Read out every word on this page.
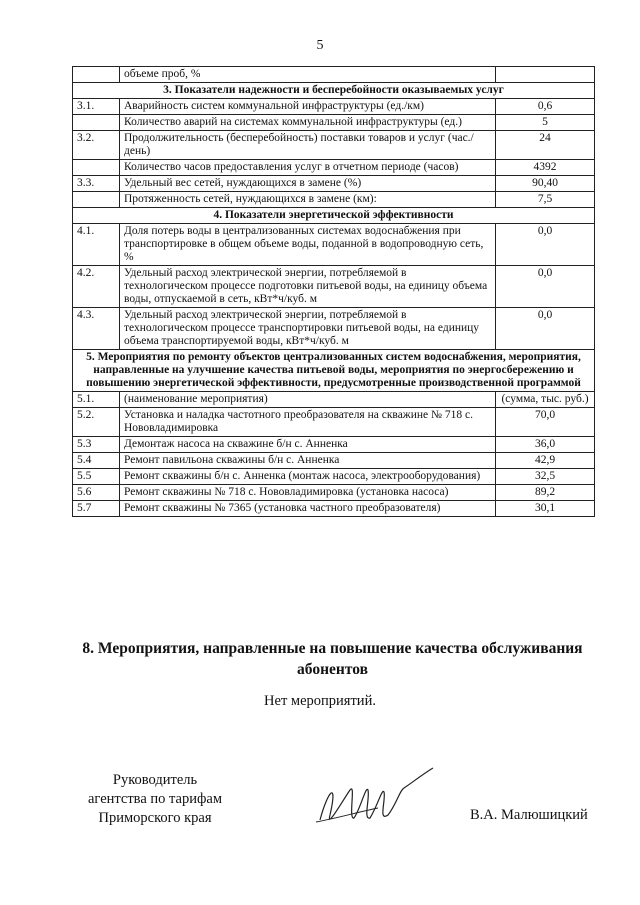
5
	объеме проб, %	
3. Показатели надежности и бесперебойности оказываемых услуг		
3.1.	Аварийность систем коммунальной инфраструктуры (ед./км)	0,6
	Количество аварий на системах коммунальной инфраструктуры (ед.)	5
3.2.	Продолжительность (бесперебойность) поставки товаров и услуг (час./день)	24
	Количество часов предоставления услуг в отчетном периоде (часов)	4392
3.3.	Удельный вес сетей, нуждающихся в замене (%)	90,40
	Протяженность сетей, нуждающихся в замене (км):	7,5
4. Показатели энергетической эффективности		
4.1.	Доля потерь воды в централизованных системах водоснабжения при транспортировке в общем объеме воды, поданной в водопроводную сеть, %	0,0
4.2.	Удельный расход электрической энергии, потребляемой в технологическом процессе подготовки питьевой воды, на единицу объема воды, отпускаемой в сеть, кВт*ч/куб. м	0,0
4.3.	Удельный расход электрической энергии, потребляемой в технологическом процессе транспортировки питьевой воды, на единицу объема транспортируемой воды, кВт*ч/куб. м	0,0
5. Мероприятия по ремонту объектов централизованных систем водоснабжения, мероприятия, направленные на улучшение качества питьевой воды, мероприятия по энергосбережению и повышению энергетической эффективности, предусмотренные производственной программой		
5.1.	(наименование мероприятия)	(сумма, тыс. руб.)
5.2.	Установка и наладка частотного преобразователя на скважине № 718 с. Нововладимировка	70,0
5.3	Демонтаж насоса на скважине б/н с. Анненка	36,0
5.4	Ремонт павильона скважины б/н с. Анненка	42,9
5.5	Ремонт скважины б/н с. Анненка (монтаж насоса, электрооборудования)	32,5
5.6	Ремонт скважины № 718 с. Нововладимировка (установка насоса)	89,2
5.7	Ремонт скважины № 7365 (установка частного преобразователя)	30,1
8. Мероприятия, направленные на повышение качества обслуживания абонентов
Нет мероприятий.
Руководитель
агентства по тарифам
Приморского края	В.А. Малюшицкий
